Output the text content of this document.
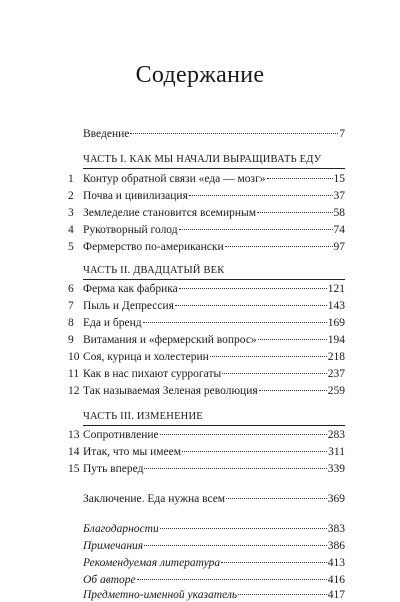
Содержание
Введение	7
ЧАСТЬ I. КАК МЫ НАЧАЛИ ВЫРАЩИВАТЬ ЕДУ
1 Контур обратной связи «еда — мозг»	15
2 Почва и цивилизация	37
3 Земледелие становится всемирным	58
4 Рукотворный голод	74
5 Фермерство по-американски	97
ЧАСТЬ II. ДВАДЦАТЫЙ ВЕК
6 Ферма как фабрика	121
7 Пыль и Депрессия	143
8 Еда и бренд	169
9 Витамания и «фермерский вопрос»	194
10 Соя, курица и холестерин	218
11 Как в нас пихают суррогаты	237
12 Так называемая Зеленая революция	259
ЧАСТЬ III. ИЗМЕНЕНИЕ
13 Сопротивление	283
14 Итак, что мы имеем	311
15 Путь вперед	339
Заключение. Еда нужна всем	369
Благодарности	383
Примечания	386
Рекомендуемая литература	413
Об авторе	416
Предметно-именной указатель	417
